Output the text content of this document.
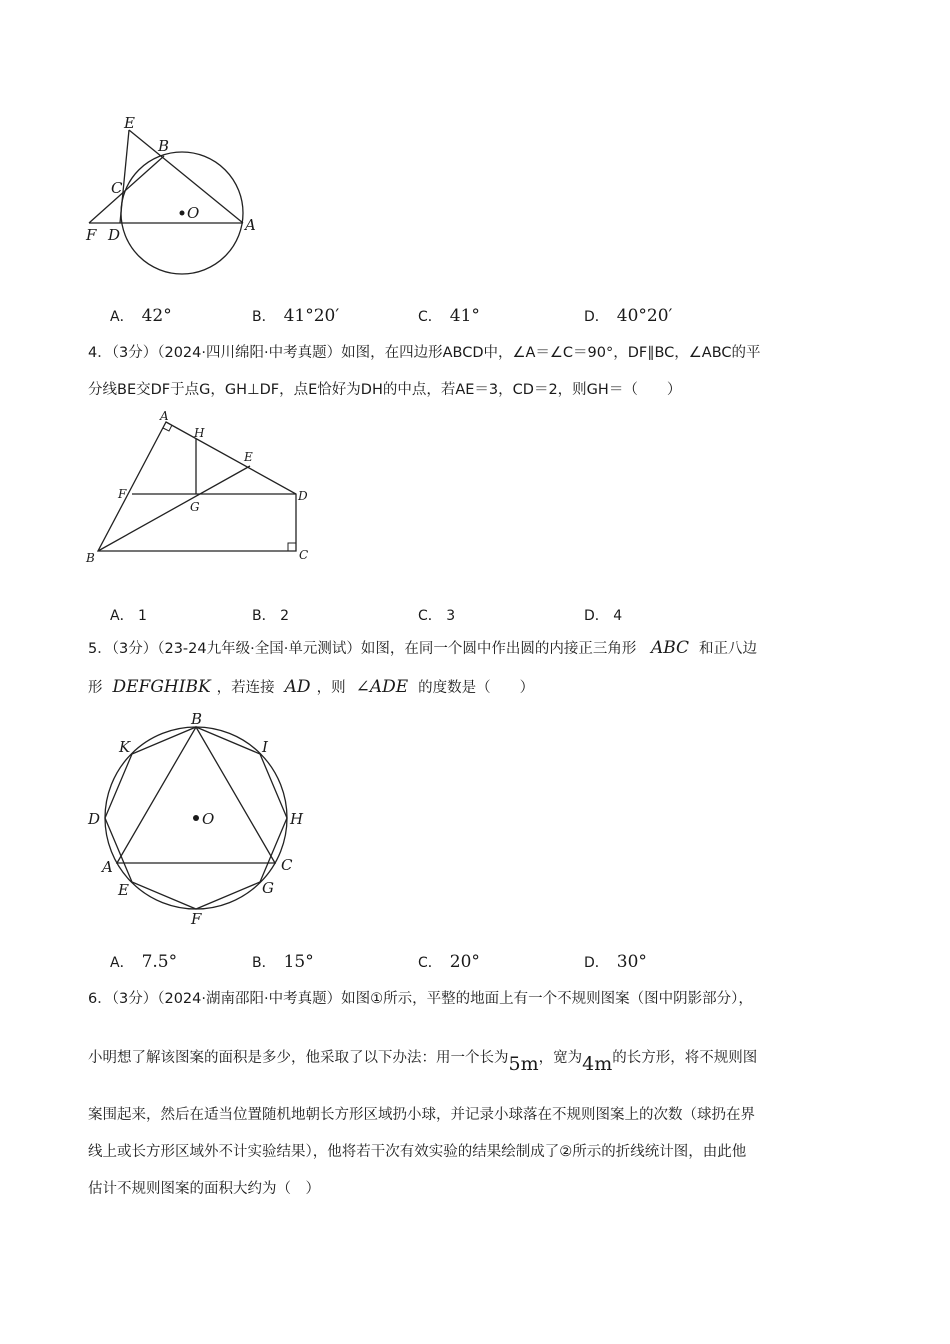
E
B
C
O
F D
A
A． 42°	B． 41°20′	C． 41°	D． 40°20′
4．（3分）（2024·四川绵阳·中考真题）如图，在四边形ABCD中，∠A＝∠C＝90°，DF∥BC，∠ABC的平
分线BE交DF于点G，GH⊥DF，点E恰好为DH的中点，若AE＝3，CD＝2，则GH＝（　　）
A
H
E
F
G
D
B	C
A． 1	B． 2	C． 3	D． 4
5．（3分）（23-24九年级·全国·单元测试）如图，在同一个圆中作出圆的内接正三角形 ABC 和正八边
形 DEFGHIBK ，若连接 AD ，则 ∠ADE 的度数是（　　）
B
K	I
D	O	H
A	C
E	G
F
A． 7.5°	B． 15°	C． 20°	D． 30°
6．（3分）（2024·湖南邵阳·中考真题）如图①所示，平整的地面上有一个不规则图案（图中阴影部分），
小明想了解该图案的面积是多少，他采取了以下办法：用一个长为5m，宽为4m的长方形，将不规则图
案围起来，然后在适当位置随机地朝长方形区域扔小球，并记录小球落在不规则图案上的次数（球扔在界
线上或长方形区域外不计实验结果），他将若干次有效实验的结果绘制成了②所示的折线统计图，由此他
估计不规则图案的面积大约为（　）
